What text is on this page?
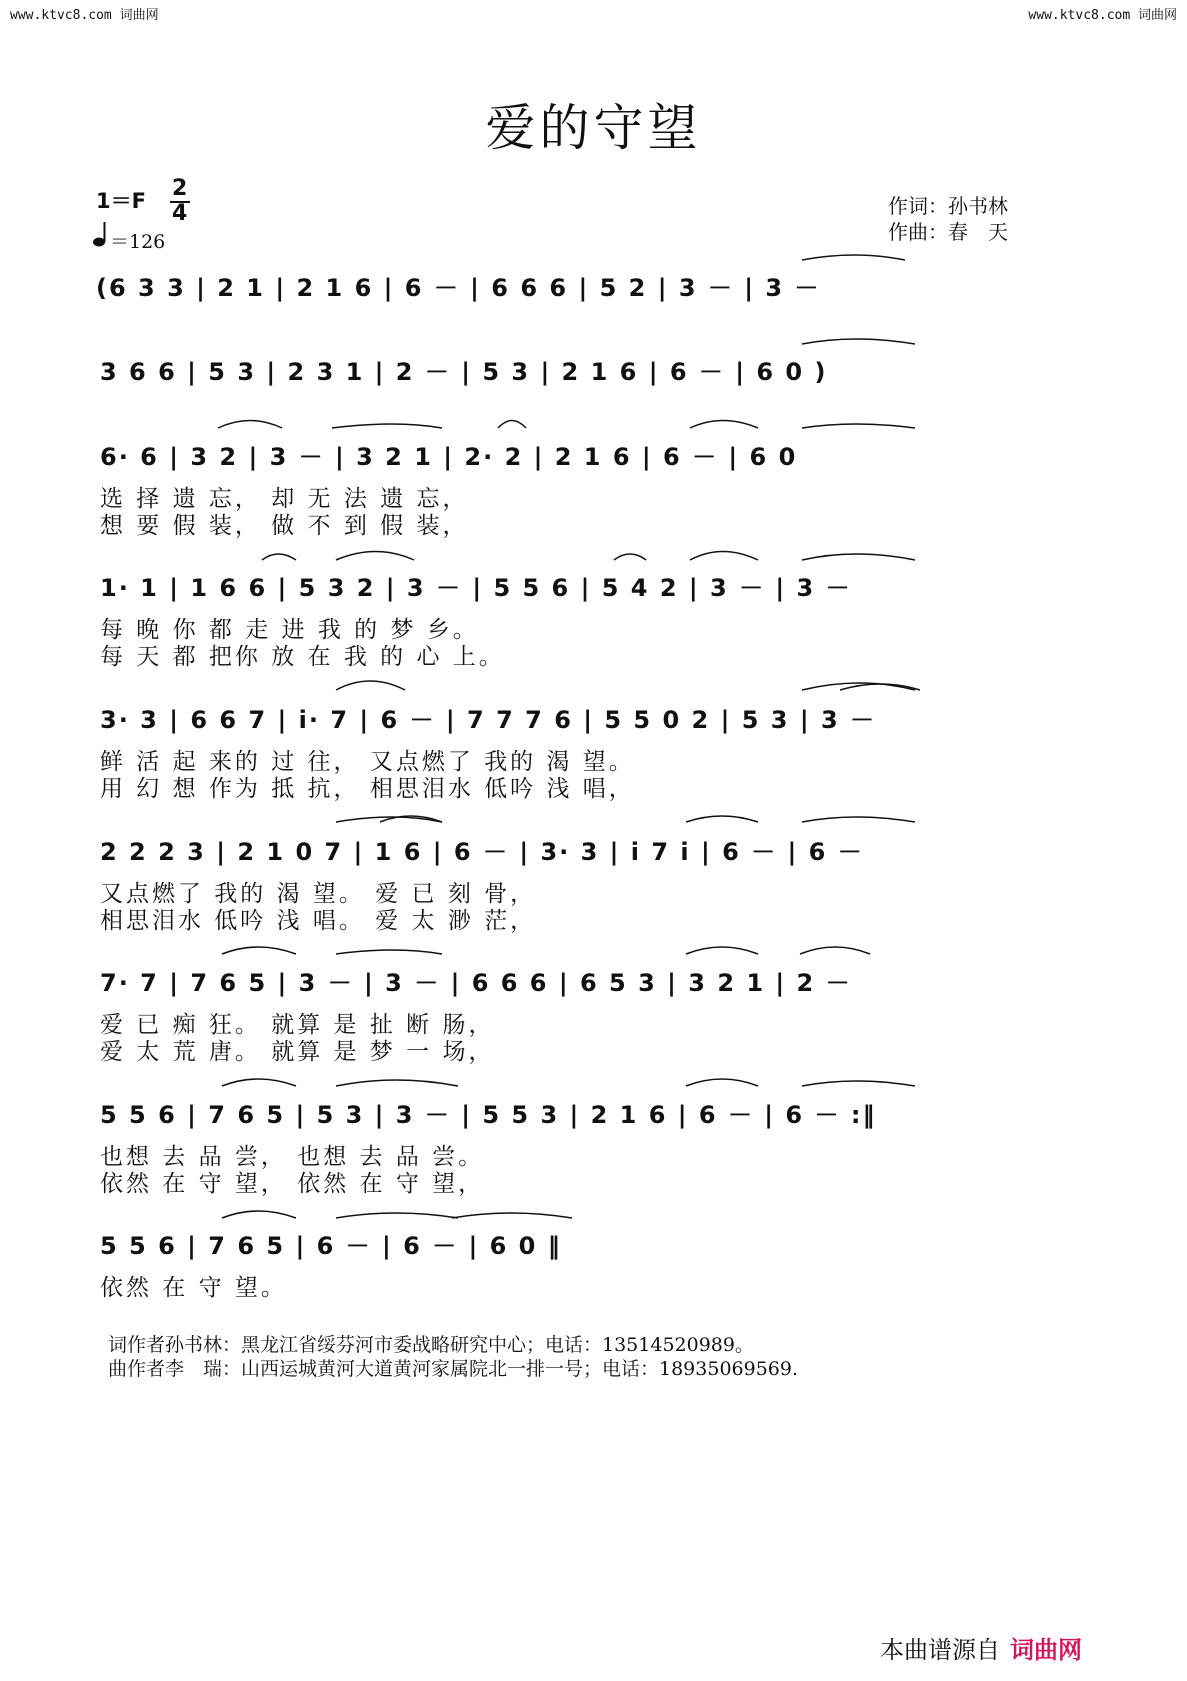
www.ktvc8.com 词曲网	www.ktvc8.com 词曲网
爱的守望
1＝F 2
4
＝126
作词：孙书林
作曲：春　天
(6 3 3 | 2 1 | 2 1 6 | 6 － | 6 6 6 | 5 2 | 3 － | 3 －
3 6 6 | 5 3 | 2 3 1 | 2 － | 5 3 | 2 1 6 | 6 － | 6 0 )
6· 6 | 3 2 | 3 － | 3 2 1 | 2· 2 | 2 1 6 | 6 － | 6 0
选 择 遗 忘， 却 无 法 遗 忘，
想 要 假 装， 做 不 到 假 装，
1· 1 | 1 6 6 | 5 3 2 | 3 － | 5 5 6 | 5 4 2 | 3 － | 3 －
每 晚 你 都 走 进 我 的 梦 乡。
每 天 都 把你 放 在 我 的 心 上。
3· 3 | 6 6 7 | i· 7 | 6 － | 7 7 7 6 | 5 5 0 2 | 5 3 | 3 －
鲜 活 起 来的 过 往， 又点燃了 我的 渴 望。
用 幻 想 作为 抵 抗， 相思泪水 低吟 浅 唱，
2 2 2 3 | 2 1 0 7 | 1 6 | 6 － | 3· 3 | i 7 i | 6 － | 6 －
又点燃了 我的 渴 望。 爱 已 刻 骨，
相思泪水 低吟 浅 唱。 爱 太 渺 茫，
7· 7 | 7 6 5 | 3 － | 3 － | 6 6 6 | 6 5 3 | 3 2 1 | 2 －
爱 已 痴 狂。 就算 是 扯 断 肠，
爱 太 荒 唐。 就算 是 梦 一 场，
5 5 6 | 7 6 5 | 5 3 | 3 － | 5 5 3 | 2 1 6 | 6 － | 6 － :‖
也想 去 品 尝， 也想 去 品 尝。
依然 在 守 望， 依然 在 守 望，
5 5 6 | 7 6 5 | 6 － | 6 － | 6 0 ‖
依然 在 守 望。
词作者孙书林：黑龙江省绥芬河市委战略研究中心；电话：13514520989。
曲作者李　瑞：山西运城黄河大道黄河家属院北一排一号；电话：18935069569.
本曲谱源自 词曲网
